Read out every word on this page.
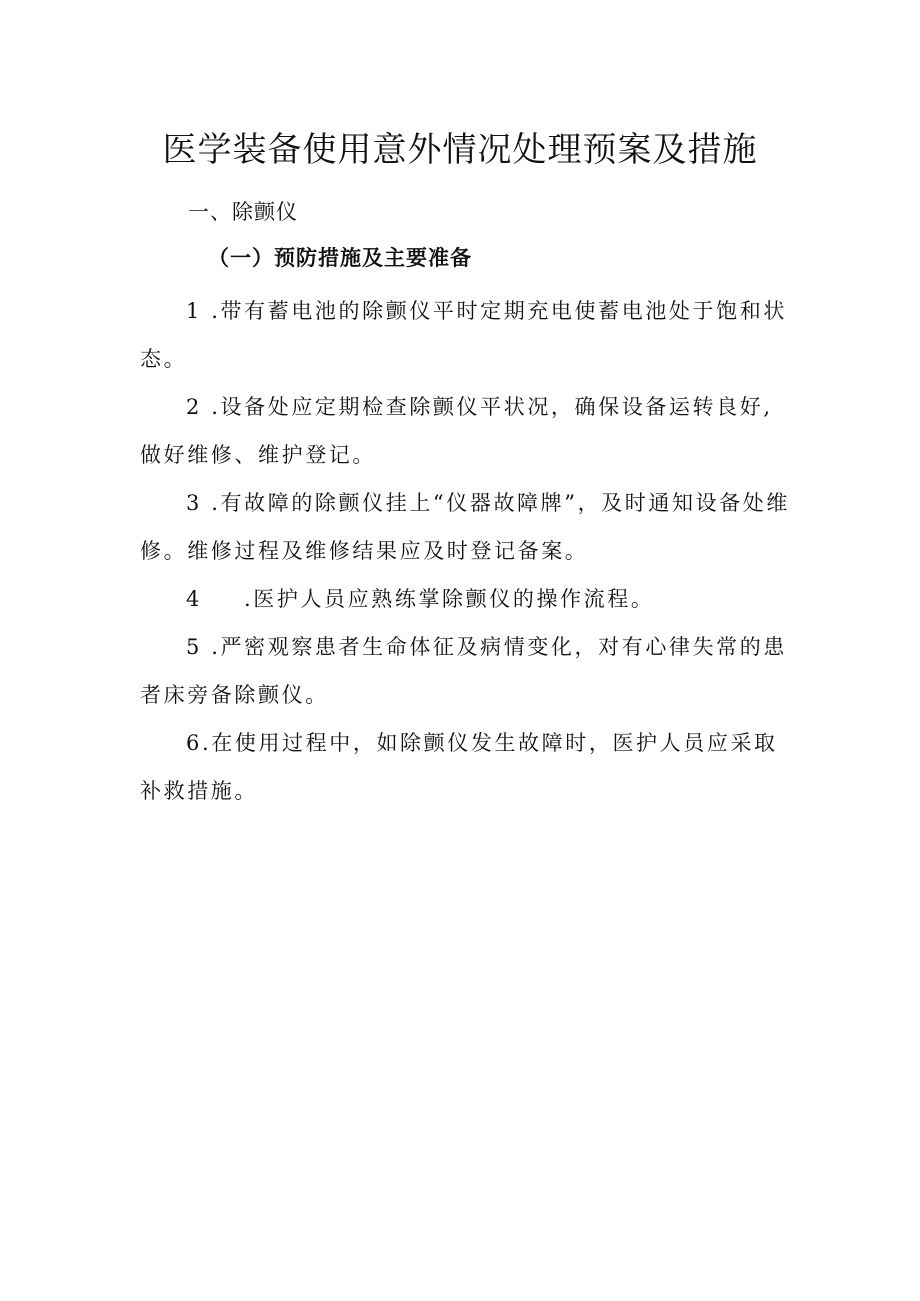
医学装备使用意外情况处理预案及措施

一、除颤仪

（一）预防措施及主要准备

1 .带有蓄电池的除颤仪平时定期充电使蓄电池处于饱和状态。
2 .设备处应定期检查除颤仪平状况，确保设备运转良好,做好维修、维护登记。
3 .有故障的除颤仪挂上“仪器故障牌”，及时通知设备处维修。维修过程及维修结果应及时登记备案。
4 .医护人员应熟练掌除颤仪的操作流程。
5 .严密观察患者生命体征及病情变化，对有心律失常的患者床旁备除颤仪。
6.在使用过程中，如除颤仪发生故障时，医护人员应采取补救措施。
